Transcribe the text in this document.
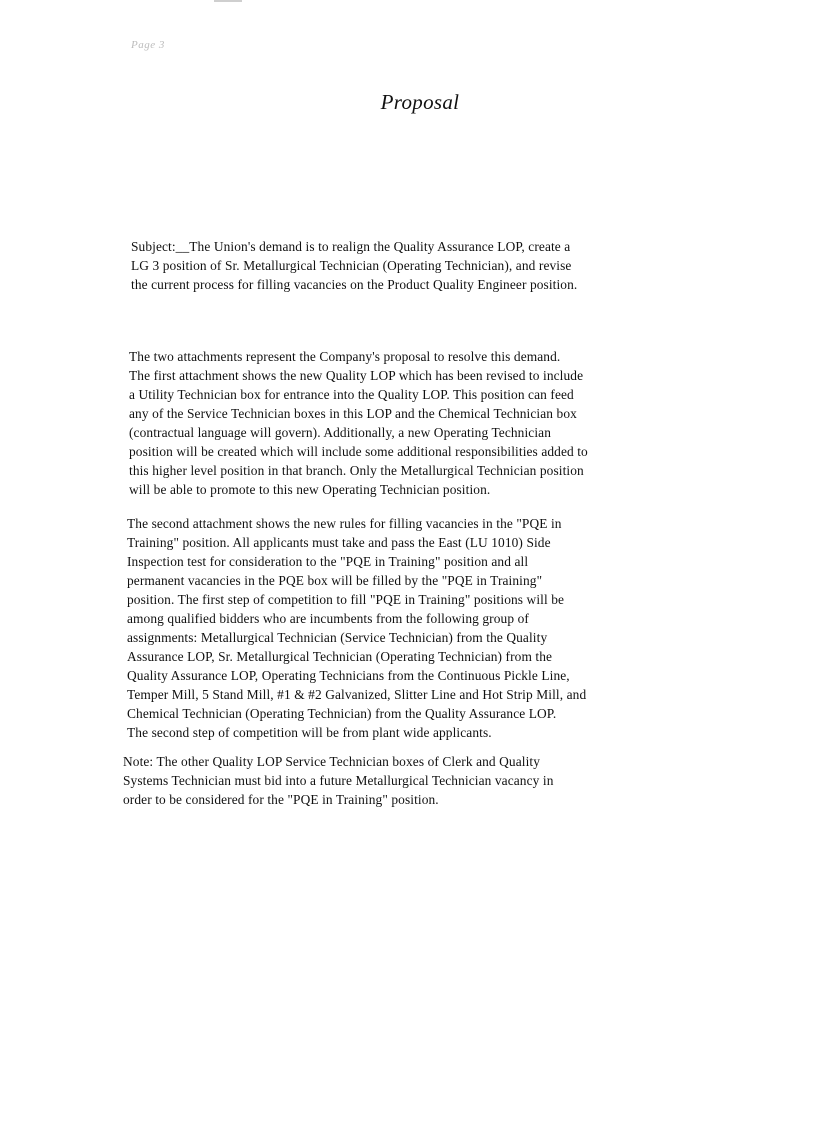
Page 3
Proposal
Subject:__The Union's demand is to realign the Quality Assurance LOP, create a
LG 3 position of Sr. Metallurgical Technician (Operating Technician), and revise
the current process for filling vacancies on the Product Quality Engineer position.
The two attachments represent the Company's proposal to resolve this demand.
The first attachment shows the new Quality LOP which has been revised to include
a Utility Technician box for entrance into the Quality LOP. This position can feed
any of the Service Technician boxes in this LOP and the Chemical Technician box
(contractual language will govern). Additionally, a new Operating Technician
position will be created which will include some additional responsibilities added to
this higher level position in that branch. Only the Metallurgical Technician position
will be able to promote to this new Operating Technician position.
The second attachment shows the new rules for filling vacancies in the "PQE in
Training" position. All applicants must take and pass the East (LU 1010) Side
Inspection test for consideration to the "PQE in Training" position and all
permanent vacancies in the PQE box will be filled by the "PQE in Training"
position. The first step of competition to fill "PQE in Training" positions will be
among qualified bidders who are incumbents from the following group of
assignments: Metallurgical Technician (Service Technician) from the Quality
Assurance LOP, Sr. Metallurgical Technician (Operating Technician) from the
Quality Assurance LOP, Operating Technicians from the Continuous Pickle Line,
Temper Mill, 5 Stand Mill, #1 & #2 Galvanized, Slitter Line and Hot Strip Mill, and
Chemical Technician (Operating Technician) from the Quality Assurance LOP.
The second step of competition will be from plant wide applicants.
Note: The other Quality LOP Service Technician boxes of Clerk and Quality
Systems Technician must bid into a future Metallurgical Technician vacancy in
order to be considered for the "PQE in Training" position.
